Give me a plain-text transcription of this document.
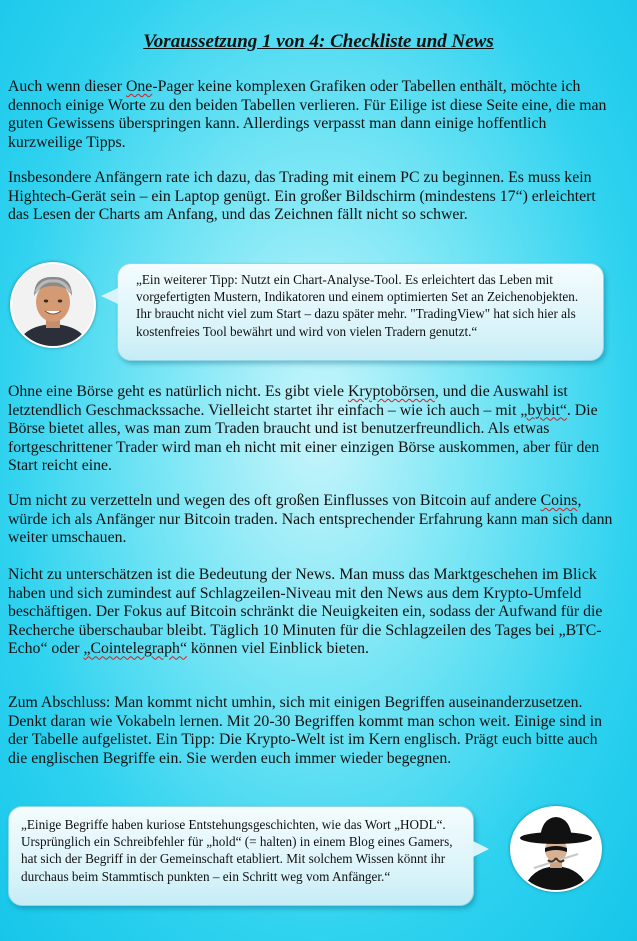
Voraussetzung 1 von 4: Checkliste und News

Auch wenn dieser One-Pager keine komplexen Grafiken oder Tabellen enthält, möchte ich dennoch einige Worte zu den beiden Tabellen verlieren. Für Eilige ist diese Seite eine, die man guten Gewissens überspringen kann. Allerdings verpasst man dann einige hoffentlich kurzweilige Tipps.

Insbesondere Anfängern rate ich dazu, das Trading mit einem PC zu beginnen. Es muss kein Hightech-Gerät sein – ein Laptop genügt. Ein großer Bildschirm (mindestens 17“) erleichtert das Lesen der Charts am Anfang, und das Zeichnen fällt nicht so schwer.

„Ein weiterer Tipp: Nutzt ein Chart-Analyse-Tool. Es erleichtert das Leben mit vorgefertigten Mustern, Indikatoren und einem optimierten Set an Zeichenobjekten. Ihr braucht nicht viel zum Start – dazu später mehr. "TradingView" hat sich hier als kostenfreies Tool bewährt und wird von vielen Tradern genutzt.“

Ohne eine Börse geht es natürlich nicht. Es gibt viele Kryptobörsen, und die Auswahl ist letztendlich Geschmackssache. Vielleicht startet ihr einfach – wie ich auch – mit „bybit“. Die Börse bietet alles, was man zum Traden braucht und ist benutzerfreundlich. Als etwas fortgeschrittener Trader wird man eh nicht mit einer einzigen Börse auskommen, aber für den Start reicht eine.

Um nicht zu verzetteln und wegen des oft großen Einflusses von Bitcoin auf andere Coins, würde ich als Anfänger nur Bitcoin traden. Nach entsprechender Erfahrung kann man sich dann weiter umschauen.

Nicht zu unterschätzen ist die Bedeutung der News. Man muss das Marktgeschehen im Blick haben und sich zumindest auf Schlagzeilen-Niveau mit den News aus dem Krypto-Umfeld beschäftigen. Der Fokus auf Bitcoin schränkt die Neuigkeiten ein, sodass der Aufwand für die Recherche überschaubar bleibt. Täglich 10 Minuten für die Schlagzeilen des Tages bei „BTC-Echo“ oder „Cointelegraph“ können viel Einblick bieten.

Zum Abschluss: Man kommt nicht umhin, sich mit einigen Begriffen auseinanderzusetzen. Denkt daran wie Vokabeln lernen. Mit 20-30 Begriffen kommt man schon weit. Einige sind in der Tabelle aufgelistet. Ein Tipp: Die Krypto-Welt ist im Kern englisch. Prägt euch bitte auch die englischen Begriffe ein. Sie werden euch immer wieder begegnen.

„Einige Begriffe haben kuriose Entstehungsgeschichten, wie das Wort „HODL“. Ursprünglich ein Schreibfehler für „hold“ (= halten) in einem Blog eines Gamers, hat sich der Begriff in der Gemeinschaft etabliert. Mit solchem Wissen könnt ihr durchaus beim Stammtisch punkten – ein Schritt weg vom Anfänger.“
